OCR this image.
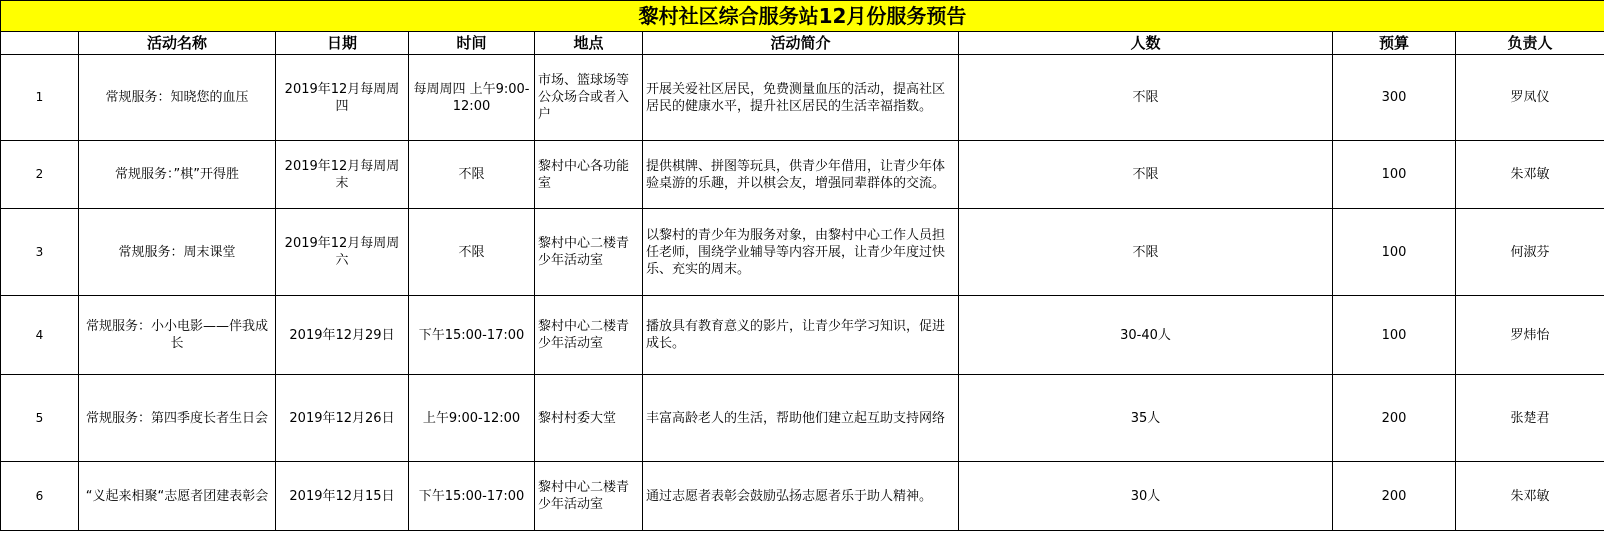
黎村社区综合服务站12月份服务预告								
	活动名称	日期	时间	地点	活动简介	人数	预算	负责人
1	常规服务：知晓您的血压	2019年12月每周周四	每周周四 上午9:00-12:00	市场、篮球场等公众场合或者入户	开展关爱社区居民，免费测量血压的活动，提高社区居民的健康水平，提升社区居民的生活幸福指数。	不限	300	罗凤仪
2	常规服务：”棋”开得胜	2019年12月每周周末	不限	黎村中心各功能室	提供棋牌、拼图等玩具，供青少年借用，让青少年体验桌游的乐趣，并以棋会友，增强同辈群体的交流。	不限	100	朱邓敏
3	常规服务：周末课堂	2019年12月每周周六	不限	黎村中心二楼青少年活动室	以黎村的青少年为服务对象，由黎村中心工作人员担任老师，围绕学业辅导等内容开展，让青少年度过快乐、充实的周末。	不限	100	何淑芬
4	常规服务：小小电影——伴我成长	2019年12月29日	下午15:00-17:00	黎村中心二楼青少年活动室	播放具有教育意义的影片，让青少年学习知识，促进成长。	30-40人	100	罗炜怡
5	常规服务：第四季度长者生日会	2019年12月26日	上午9:00-12:00	黎村村委大堂	丰富高龄老人的生活，帮助他们建立起互助支持网络	35人	200	张楚君
6	“义起来相聚“志愿者团建表彰会	2019年12月15日	下午15:00-17:00	黎村中心二楼青少年活动室	通过志愿者表彰会鼓励弘扬志愿者乐于助人精神。	30人	200	朱邓敏
